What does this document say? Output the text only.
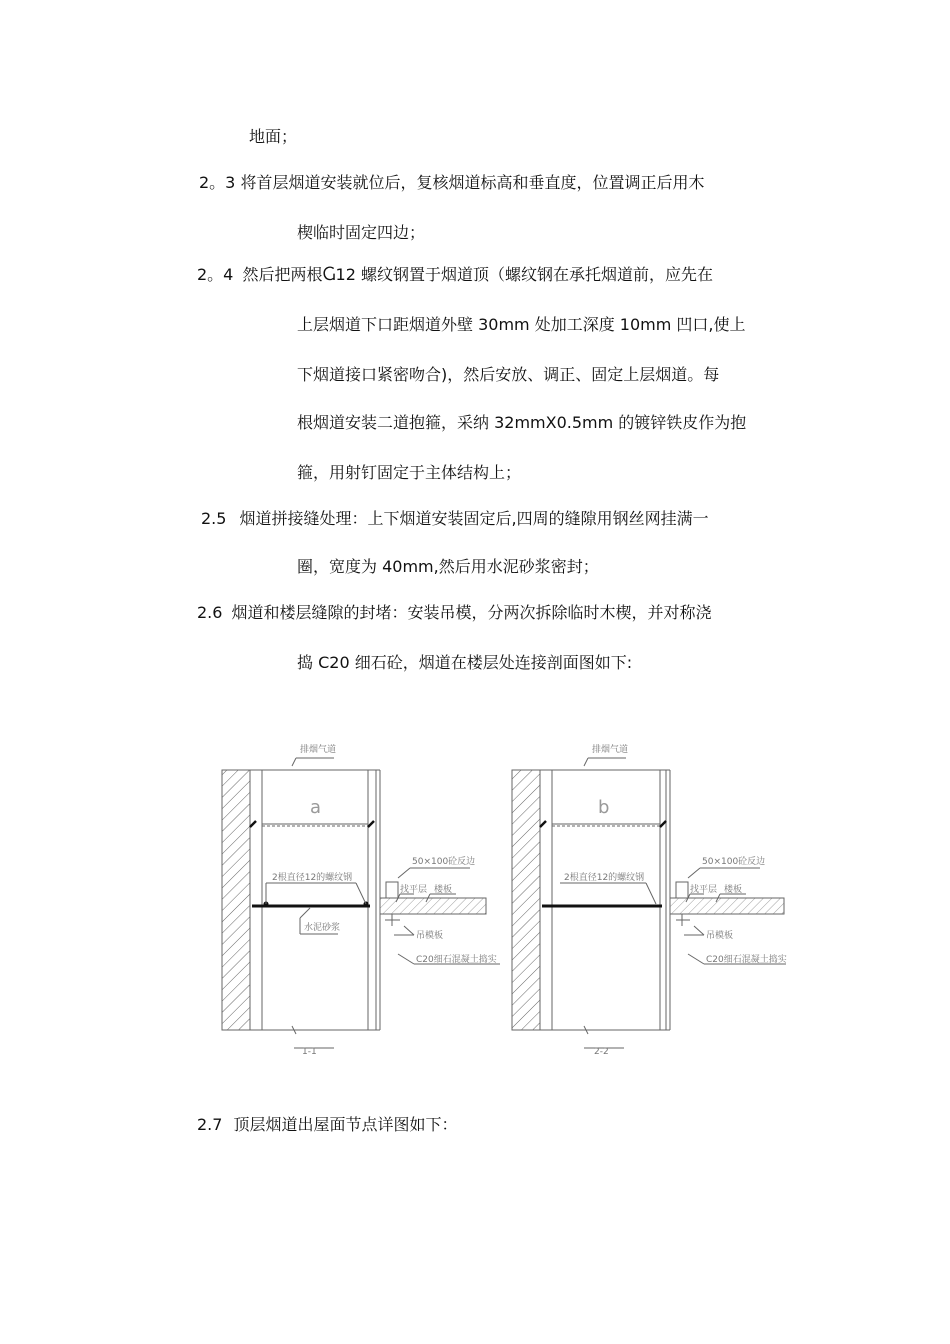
地面；
2。3 将首层烟道安装就位后，复核烟道标高和垂直度，位置调正后用木
楔临时固定四边；
2。4 然后把两根Ⴚ12 螺纹钢置于烟道顶（螺纹钢在承托烟道前，应先在
上层烟道下口距烟道外壁 30mm 处加工深度 10mm 凹口,使上
下烟道接口紧密吻合)，然后安放、调正、固定上层烟道。每
根烟道安装二道抱箍，采纳 32mmX0.5mm 的镀锌铁皮作为抱
箍，用射钉固定于主体结构上；
2.5 烟道拼接缝处理：上下烟道安装固定后,四周的缝隙用钢丝网挂满一
圈，宽度为 40mm,然后用水泥砂浆密封；
2.6 烟道和楼层缝隙的封堵：安装吊模，分两次拆除临时木楔，并对称浇
捣 C20 细石砼，烟道在楼层处连接剖面图如下:
排烟气道
a
2根直径12的螺纹钢
水泥砂浆
50×100砼反边
找平层 楼板
吊模板
C20细石混凝土捣实
1-1
排烟气道
b
2根直径12的螺纹钢
50×100砼反边
找平层 楼板
吊模板
C20细石混凝土捣实
2-2
2.7 顶层烟道出屋面节点详图如下：
